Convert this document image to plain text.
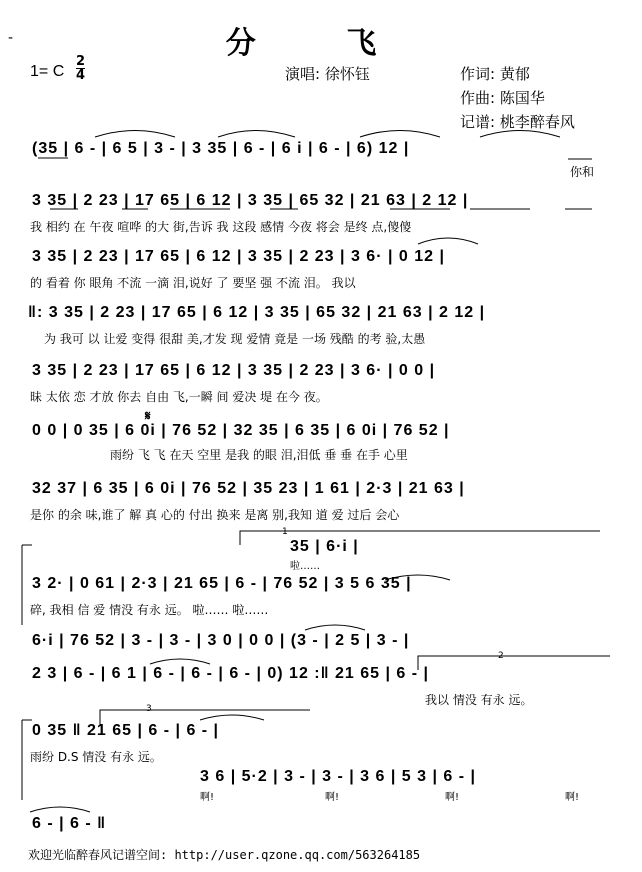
-	分 飞
1= C
2
4	演唱: 徐怀钰	作词: 黄郁
作曲: 陈国华
记谱: 桃李醉春风
(35 | 6 - | 6 5 | 3 - | 3 35 | 6 - | 6 i | 6 - | 6) 12 |
你和
3 35 | 2 23 | 17 65 | 6 12 | 3 35 | 65 32 | 21 63 | 2 12 |
我 相约 在 午夜 喧哗 的大 街,告诉 我 这段 感情 今夜 将会 是终 点,傻傻
3 35 | 2 23 | 17 65 | 6 12 | 3 35 | 2 23 | 3 6· | 0 12 |
的 看着 你 眼角 不流 一滴 泪,说好 了 要坚 强 不流 泪。 我以
‖: 3 35 | 2 23 | 17 65 | 6 12 | 3 35 | 65 32 | 21 63 | 2 12 |
为 我可 以 让爱 变得 很甜 美,才发 现 爱情 竟是 一场 残酷 的考 验,太愚
3 35 | 2 23 | 17 65 | 6 12 | 3 35 | 2 23 | 3 6· | 0 0 |
昧 太依 恋 才放 你去 自由 飞,一瞬 间 爱决 堤 在今 夜。
𝄋
0 0 | 0 35 | 6 0i | 76 52 | 32 35 | 6 35 | 6 0i | 76 52 |
雨纷 飞 飞 在天 空里 是我 的眼 泪,泪低 垂 垂 在手 心里
32 37 | 6 35 | 6 0i | 76 52 | 35 23 | 1 61 | 2·3 | 21 63 |
是你 的余 味,谁了 解 真 心的 付出 换来 是离 别,我知 道 爱 过后 会心
1
35 | 6·i |
啦……
3 2· | 0 61 | 2·3 | 21 65 | 6 - | 76 52 | 3 5 6 35 |
碎, 我相 信 爱 情没 有永 远。 啦…… 啦……
6·i | 76 52 | 3 - | 3 - | 3 0 | 0 0 | (3 - | 2 5 | 3 - |
2
2 3 | 6 - | 6 1 | 6 - | 6 - | 6 - | 0) 12 :‖ 21 65 | 6 - |
我以 情没 有永 远。
3
0 35 ‖ 21 65 | 6 - | 6 - |
雨纷 D.S 情没 有永 远。
3 6 | 5·2 | 3 - | 3 - | 3 6 | 5 3 | 6 - |
啊!	啊!	啊!	啊!
6 - | 6 - ‖
欢迎光临醉春风记谱空间: http://user.qzone.qq.com/563264185
